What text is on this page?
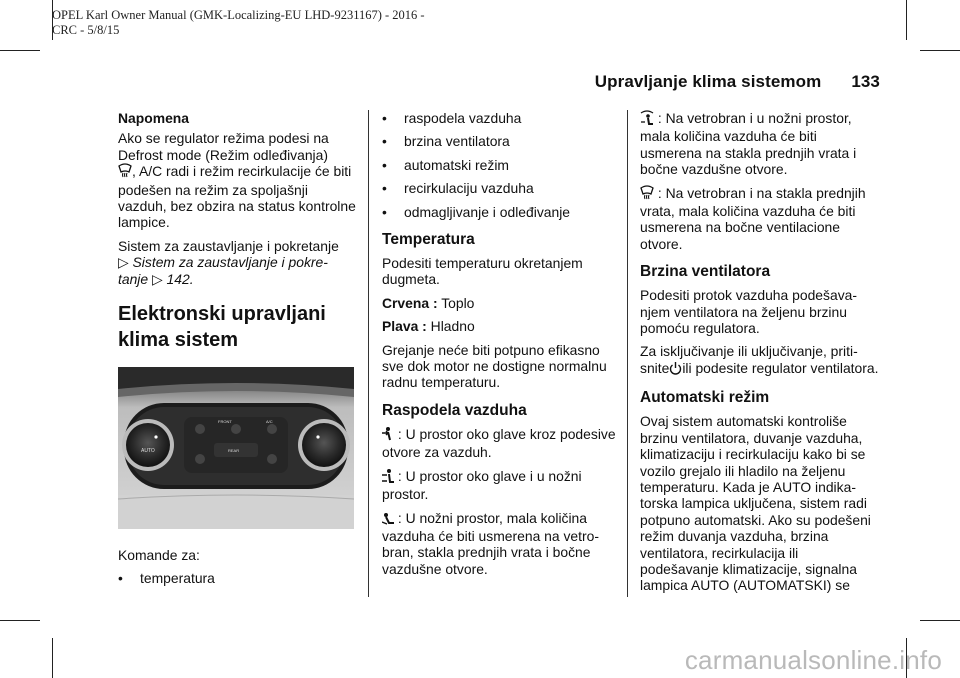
OPEL Karl Owner Manual (GMK-Localizing-EU LHD-9231167) - 2016 -
CRC - 5/8/15
Upravljanje klima sistemom 133

Napomena

Ako se regulator režima podesi na Defrost mode (Režim odleđivanja)
, A/C radi i režim recirkulacije će biti podešen na režim za spoljašnji vazduh, bez obzira na status kontrolne lampice.

Sistem za zaustavljanje i pokretanje
▷ Sistem za zaustavljanje i pokretanje ▷ 142.

Elektronski upravljani klima sistem
AUTO
FRONT	A/C
REAR

Komande za:

•	temperatura
•	raspodela vazduha
•	brzina ventilatora
•	automatski režim
•	recirkulaciju vazduha
•	odmagljivanje i odleđivanje
Temperatura

Podesiti temperaturu okretanjem dugmeta.

Crvena : Toplo

Plava : Hladno

Grejanje neće biti potpuno efikasno sve dok motor ne dostigne normalnu radnu temperaturu.

Raspodela vazduha

: U prostor oko glave kroz podesive otvore za vazduh.

: U prostor oko glave i u nožni prostor.

: U nožni prostor, mala količina vazduha će biti usmerena na vetrobran, stakla prednjih vrata i bočne vazdušne otvore.

: Na vetrobran i u nožni prostor, mala količina vazduha će biti usmerena na stakla prednjih vrata i bočne vazdušne otvore.

: Na vetrobran i na stakla prednjih vrata, mala količina vazduha će biti usmerena na bočne ventilacione otvore.

Brzina ventilatora

Podesiti protok vazduha podešavanjem ventilatora na željenu brzinu pomoću regulatora.

Za isključivanje ili uključivanje, pritisnite ili podesite regulator ventilatora.

Automatski režim

Ovaj sistem automatski kontroliše brzinu ventilatora, duvanje vazduha, klimatizaciju i recirkulaciju kako bi se vozilo grejalo ili hladilo na željenu temperaturu. Kada je AUTO indikatorska lampica uključena, sistem radi potpuno automatski. Ako su podešeni režim duvanja vazduha, brzina ventilatora, recirkulacija ili podešavanje klimatizacije, signalna lampica AUTO (AUTOMATSKI) se

carmanualsonline.info
